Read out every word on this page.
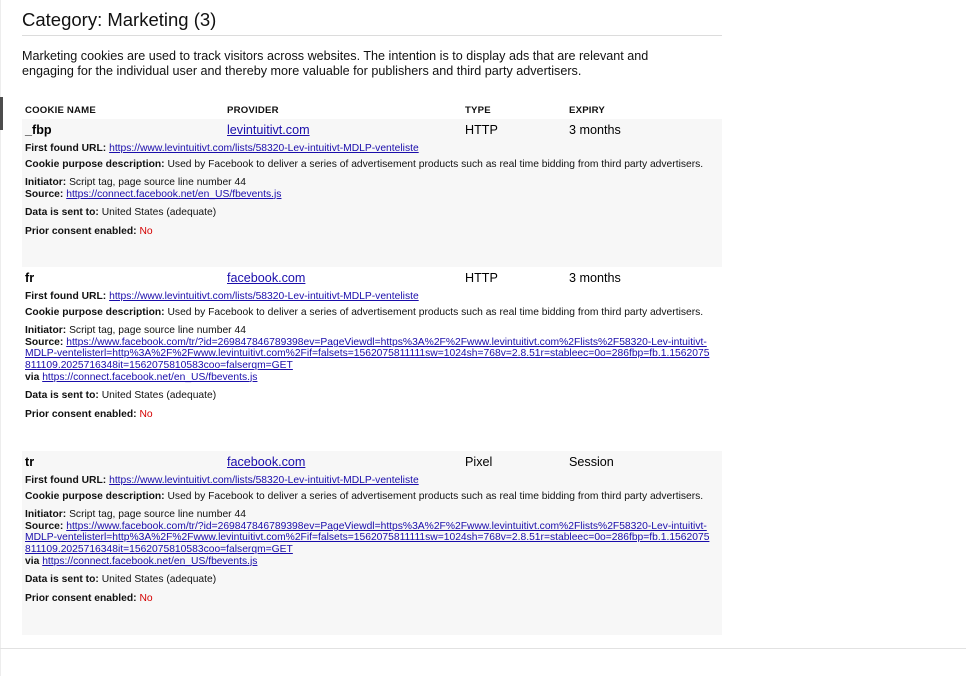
Category: Marketing (3)

Marketing cookies are used to track visitors across websites. The intention is to display ads that are relevant and engaging for the individual user and thereby more valuable for publishers and third party advertisers.

COOKIE NAME	PROVIDER	TYPE	EXPIRY
_fbp	levintuitivt.com	HTTP	3 months
First found URL: https://www.levintuitivt.com/lists/58320-Lev-intuitivt-MDLP-venteliste
Cookie purpose description: Used by Facebook to deliver a series of advertisement products such as real time bidding from third party advertisers.
Initiator: Script tag, page source line number 44
Source: https://connect.facebook.net/en_US/fbevents.js
Data is sent to: United States (adequate)
Prior consent enabled: No
fr	facebook.com	HTTP	3 months
First found URL: https://www.levintuitivt.com/lists/58320-Lev-intuitivt-MDLP-venteliste
Cookie purpose description: Used by Facebook to deliver a series of advertisement products such as real time bidding from third party advertisers.
Initiator: Script tag, page source line number 44
Source: https://www.facebook.com/tr/?id=269847846789398ev=PageViewdl=https%3A%2F%2Fwww.levintuitivt.com%2Flists%2F58320-Lev-intuitivt-MDLP-ventelisterl=http%3A%2F%2Fwww.levintuitivt.com%2Fif=falsets=1562075811111sw=1024sh=768v=2.8.51r=stableec=0o=286fbp=fb.1.1562075811109.2025716348it=1562075810583coo=falserqm=GET
via https://connect.facebook.net/en_US/fbevents.js
Data is sent to: United States (adequate)
Prior consent enabled: No
tr	facebook.com	Pixel	Session
First found URL: https://www.levintuitivt.com/lists/58320-Lev-intuitivt-MDLP-venteliste
Cookie purpose description: Used by Facebook to deliver a series of advertisement products such as real time bidding from third party advertisers.
Initiator: Script tag, page source line number 44
Source: https://www.facebook.com/tr/?id=269847846789398ev=PageViewdl=https%3A%2F%2Fwww.levintuitivt.com%2Flists%2F58320-Lev-intuitivt-MDLP-ventelisterl=http%3A%2F%2Fwww.levintuitivt.com%2Fif=falsets=1562075811111sw=1024sh=768v=2.8.51r=stableec=0o=286fbp=fb.1.1562075811109.2025716348it=1562075810583coo=falserqm=GET
via https://connect.facebook.net/en_US/fbevents.js
Data is sent to: United States (adequate)
Prior consent enabled: No
